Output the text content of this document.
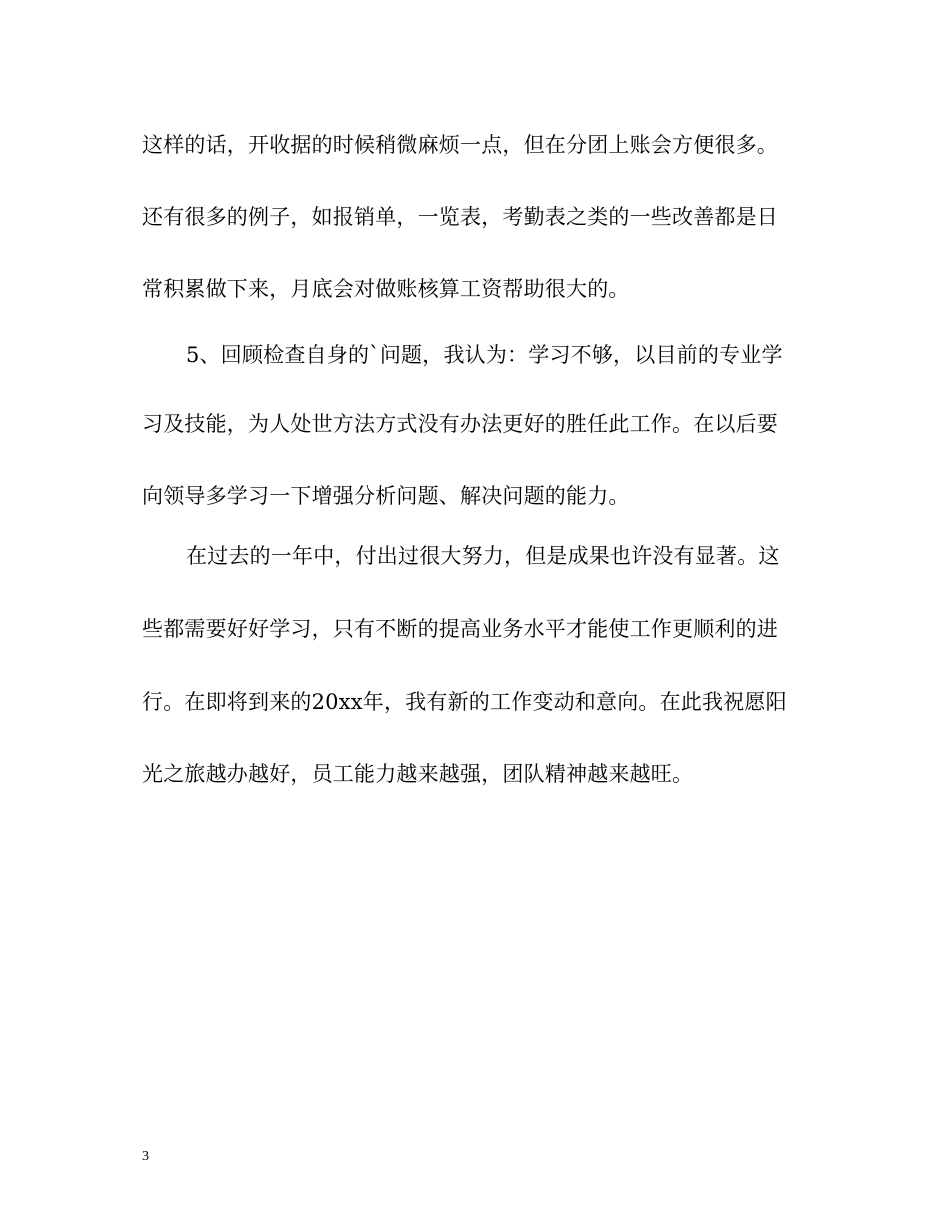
这样的话，开收据的时候稍微麻烦一点，但在分团上账会方便很多。
还有很多的例子，如报销单，一览表，考勤表之类的一些改善都是日
常积累做下来，月底会对做账核算工资帮助很大的。
5、回顾检查自身的`问题，我认为：学习不够，以目前的专业学
习及技能，为人处世方法方式没有办法更好的胜任此工作。在以后要
向领导多学习一下增强分析问题、解决问题的能力。
在过去的一年中，付出过很大努力，但是成果也许没有显著。这
些都需要好好学习，只有不断的提高业务水平才能使工作更顺利的进
行。在即将到来的20xx年，我有新的工作变动和意向。在此我祝愿阳
光之旅越办越好，员工能力越来越强，团队精神越来越旺。
3
